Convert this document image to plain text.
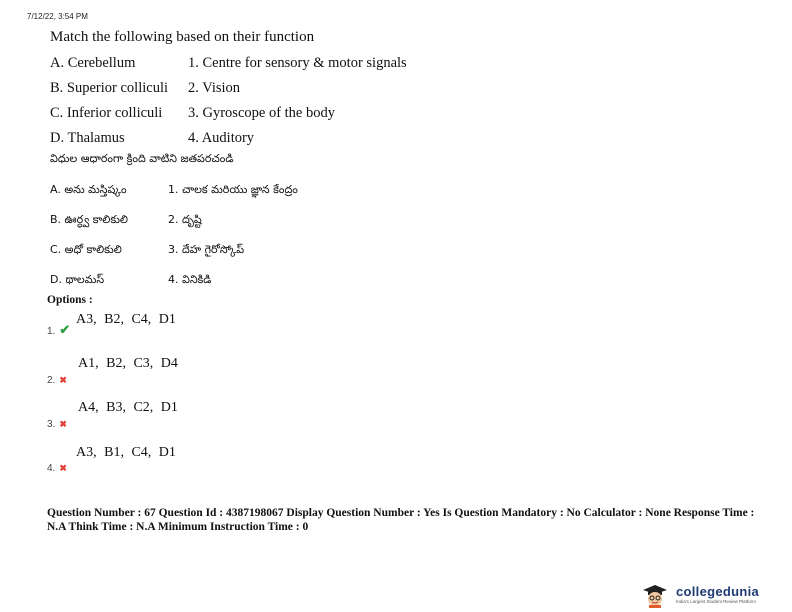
7/12/22, 3:54 PM
Match the following based on their function
A. Cerebellum	1. Centre for sensory & motor signals
B. Superior colliculi 2. Vision
C. Inferior colliculi 3. Gyroscope of the body
D. Thalamus	4. Auditory
విధుల ఆధారంగా క్రింది వాటిని జతపరచండి
A. అను మస్తిష్కం	1. చాలక మరియు జ్ఞాన కేంద్రం
B. ఊర్ధ్వ కాలికులి	2. దృష్టి
C. అధో కాలికులి	3. దేహ గైరోస్కోప్
D. థాలమస్	4. వినికిడి
Options :
1. ✔
A3, B2, C4, D1
2. ✖
A1, B2, C3, D4
3. ✖
A4, B3, C2, D1
4. ✖
A3, B1, C4, D1
Question Number : 67 Question Id : 4387198067 Display Question Number : Yes Is Question Mandatory : No Calculator : None Response Time : N.A Think Time : N.A Minimum Instruction Time : 0
collegedunia
India's Largest Student Review Platform
